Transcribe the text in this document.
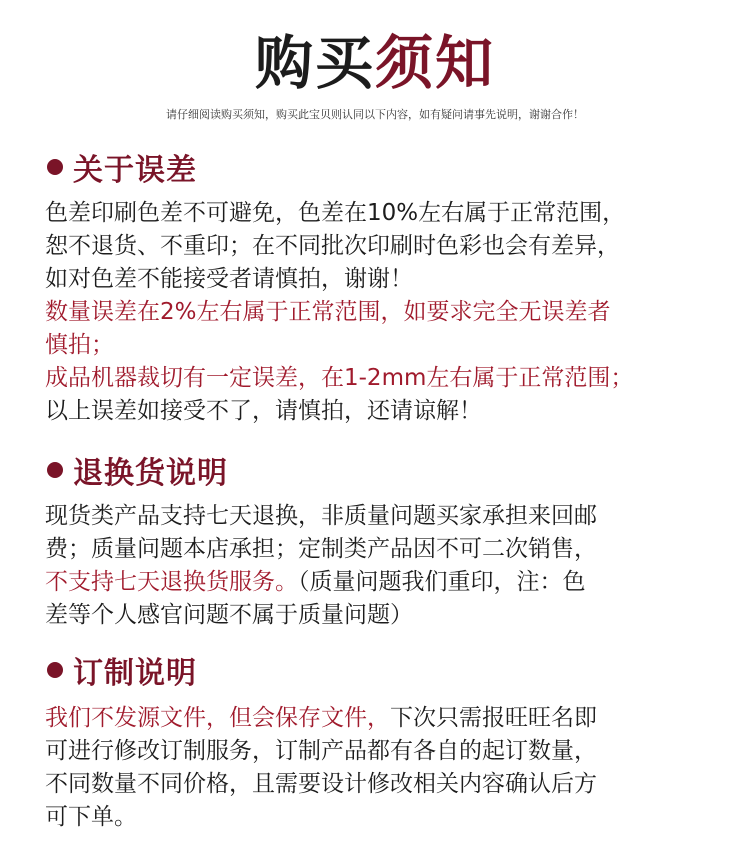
购买须知
请仔细阅读购买须知，购买此宝贝则认同以下内容，如有疑问请事先说明，谢谢合作！
关于误差
色差印刷色差不可避免，色差在10%左右属于正常范围，
恕不退货、不重印；在不同批次印刷时色彩也会有差异，
如对色差不能接受者请慎拍，谢谢！
数量误差在2%左右属于正常范围，如要求完全无误差者
慎拍；
成品机器裁切有一定误差，在1-2mm左右属于正常范围；
以上误差如接受不了，请慎拍，还请谅解！
退换货说明
现货类产品支持七天退换，非质量问题买家承担来回邮
费；质量问题本店承担；定制类产品因不可二次销售，
不支持七天退换货服务。（质量问题我们重印，注：色
差等个人感官问题不属于质量问题）
订制说明
我们不发源文件，但会保存文件，下次只需报旺旺名即
可进行修改订制服务，订制产品都有各自的起订数量，
不同数量不同价格，且需要设计修改相关内容确认后方
可下单。
